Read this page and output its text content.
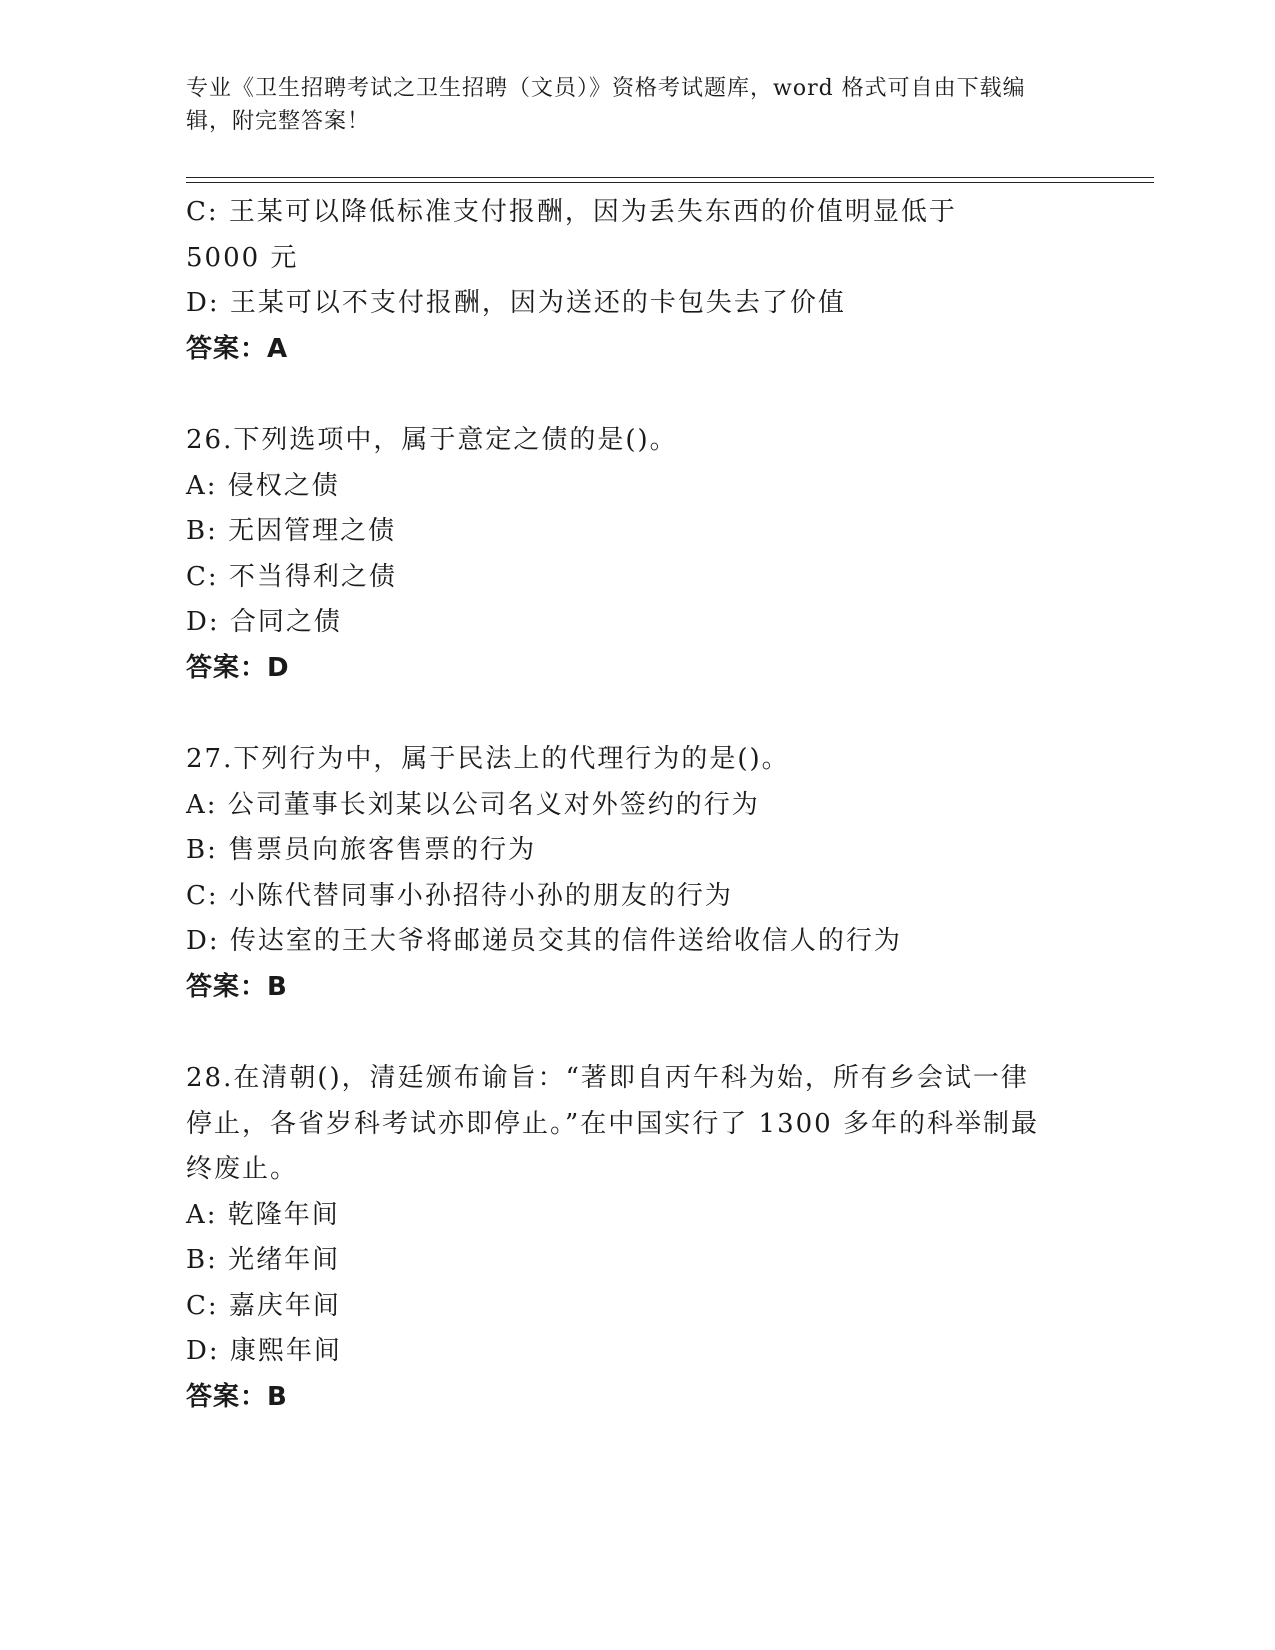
专业《卫生招聘考试之卫生招聘（文员）》资格考试题库，word 格式可自由下载编辑，附完整答案！
C: 王某可以降低标准支付报酬，因为丢失东西的价值明显低于 5000 元
D: 王某可以不支付报酬，因为送还的卡包失去了价值
答案：A
26.下列选项中，属于意定之债的是()。
A: 侵权之债
B: 无因管理之债
C: 不当得利之债
D: 合同之债
答案：D
27.下列行为中，属于民法上的代理行为的是()。
A: 公司董事长刘某以公司名义对外签约的行为
B: 售票员向旅客售票的行为
C: 小陈代替同事小孙招待小孙的朋友的行为
D: 传达室的王大爷将邮递员交其的信件送给收信人的行为
答案：B
28.在清朝()，清廷颁布谕旨：“著即自丙午科为始，所有乡会试一律停止，各省岁科考试亦即停止。”在中国实行了 1300 多年的科举制最终废止。
A: 乾隆年间
B: 光绪年间
C: 嘉庆年间
D: 康熙年间
答案：B
